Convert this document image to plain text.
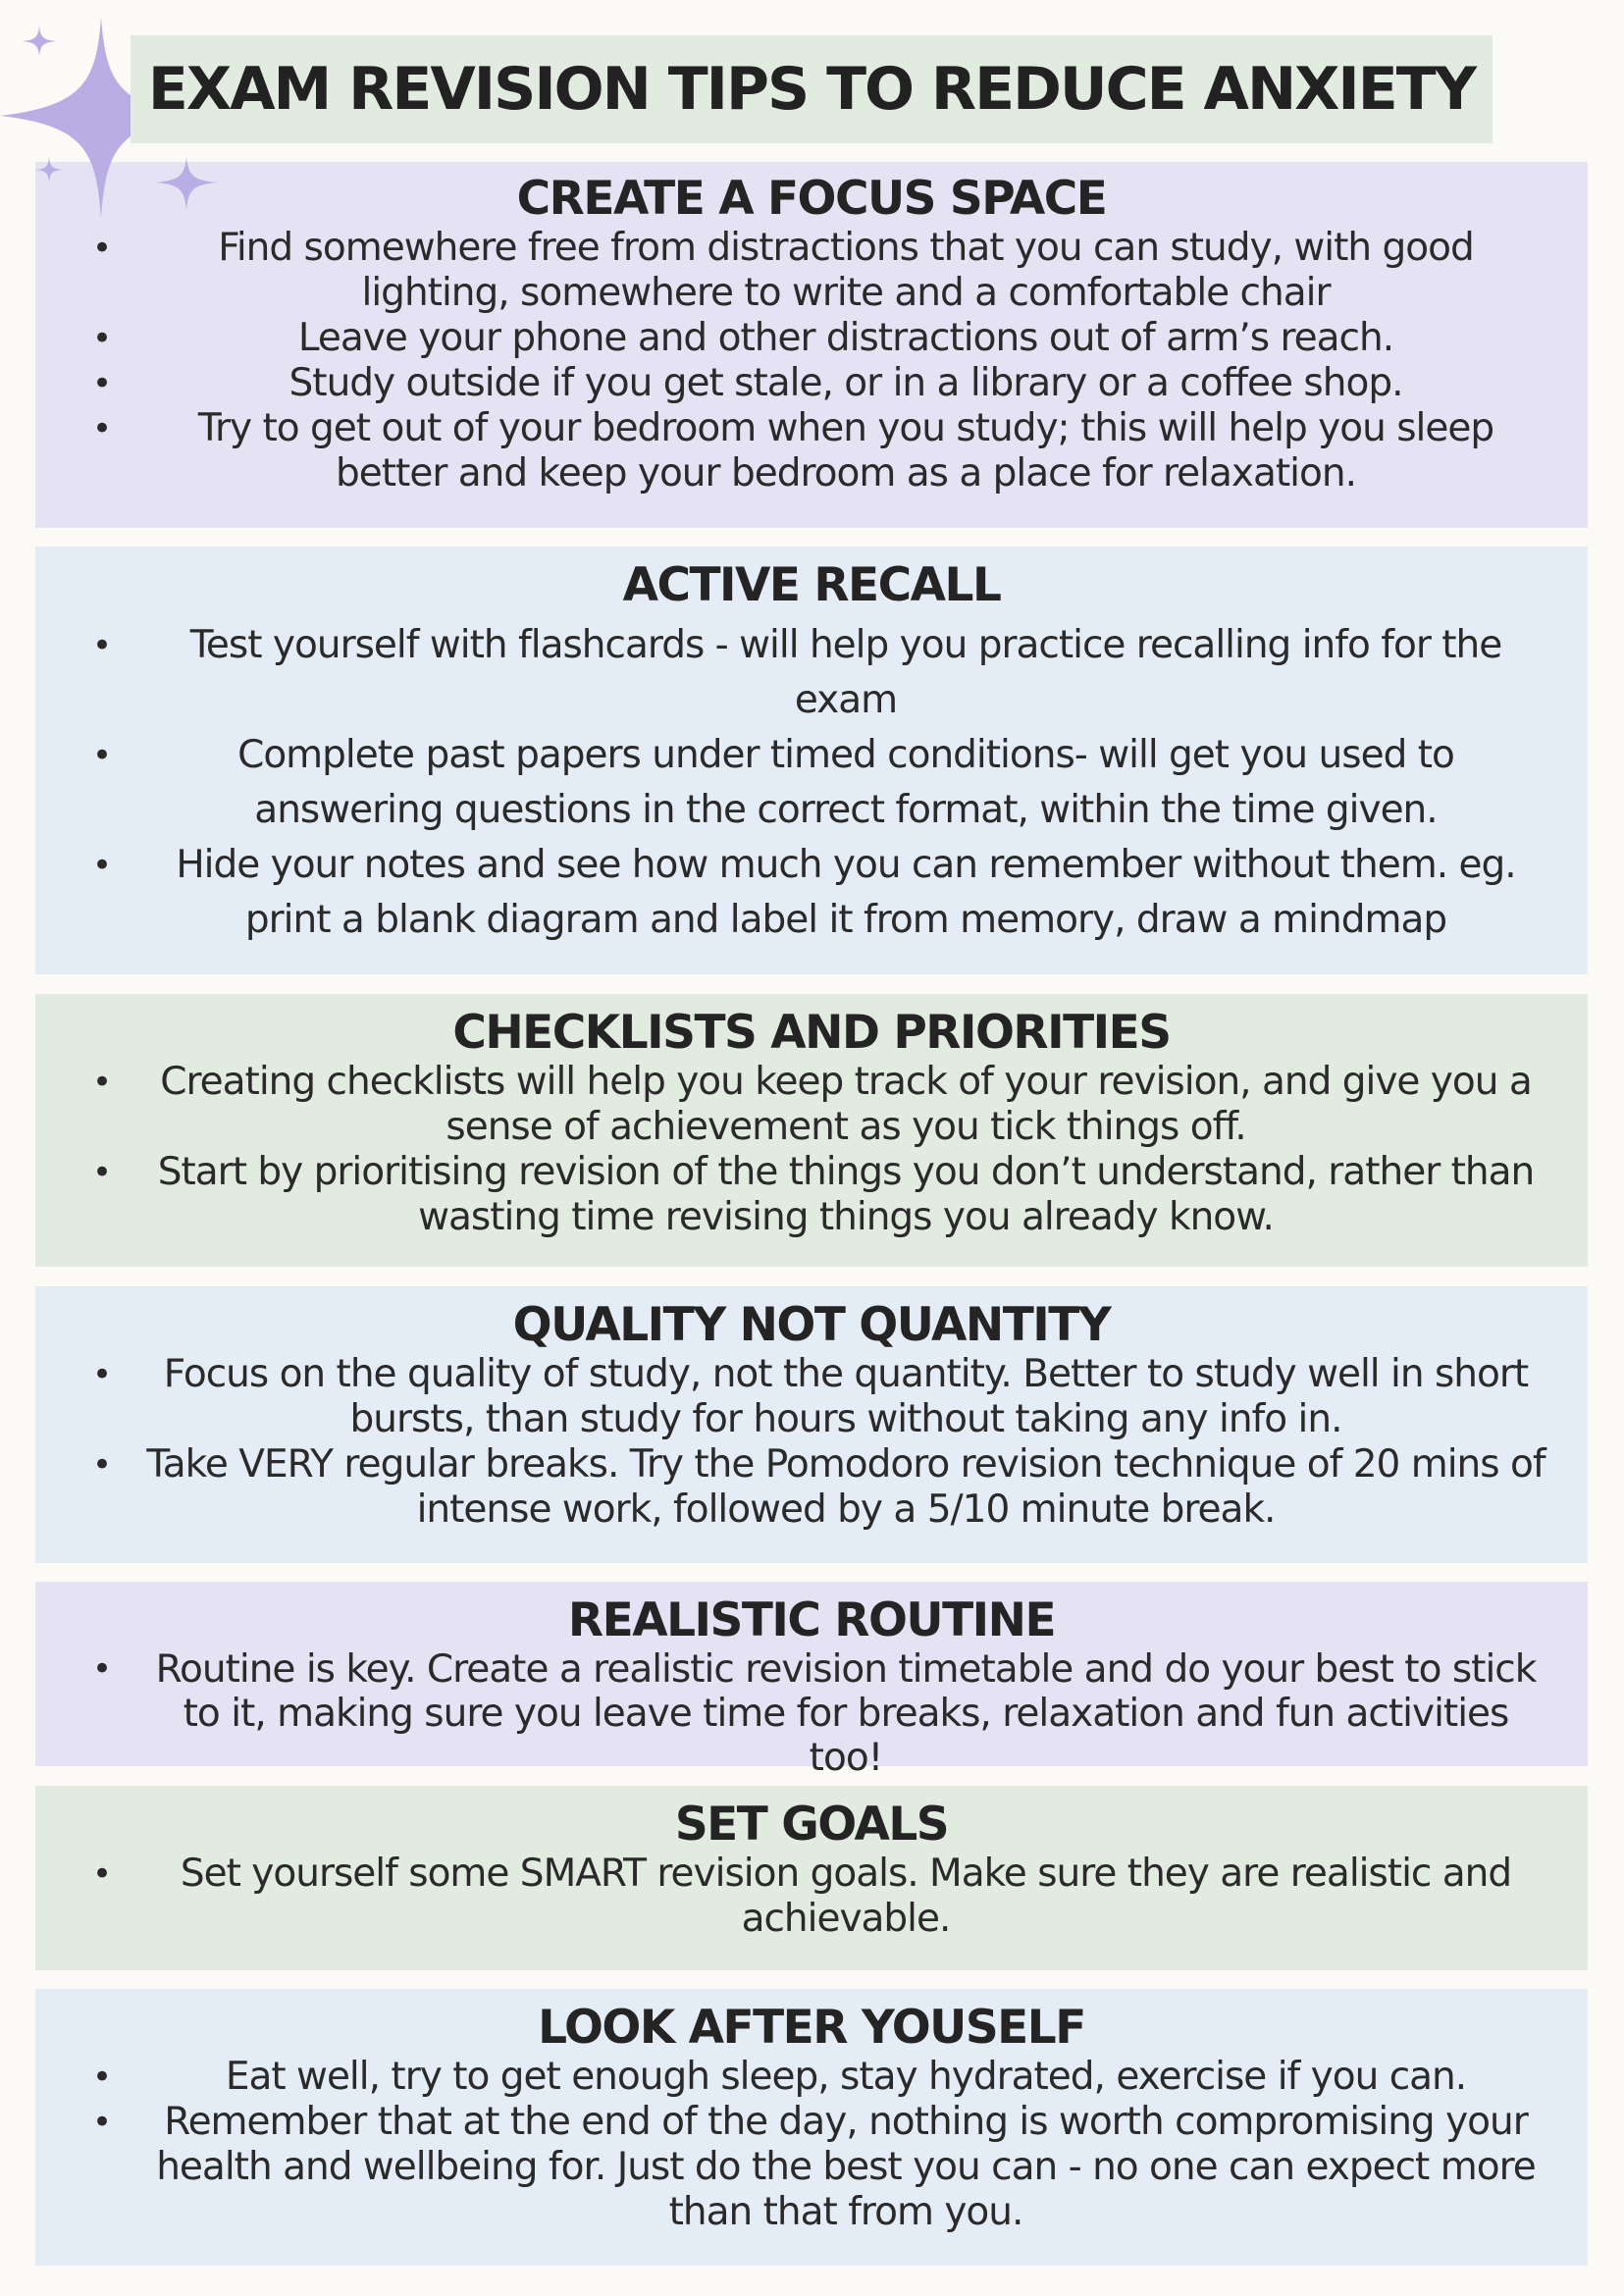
EXAM REVISION TIPS TO REDUCE ANXIETY
CREATE A FOCUS SPACE
•	Find somewhere free from distractions that you can study, with good lighting, somewhere to write and a comfortable chair
•	Leave your phone and other distractions out of arm’s reach.
•	Study outside if you get stale, or in a library or a coffee shop.
• Try to get out of your bedroom when you study; this will help you sleep better and keep your bedroom as a place for relaxation.
ACTIVE RECALL
• Test yourself with flashcards - will help you practice recalling info for the exam
•	Complete past papers under timed conditions- will get you used to answering questions in the correct format, within the time given.
• Hide your notes and see how much you can remember without them. eg. print a blank diagram and label it from memory, draw a mindmap
CHECKLISTS AND PRIORITIES
• Creating checklists will help you keep track of your revision, and give you a sense of achievement as you tick things off.
• Start by prioritising revision of the things you don’t understand, rather than wasting time revising things you already know.
QUALITY NOT QUANTITY
• Focus on the quality of study, not the quantity. Better to study well in short bursts, than study for hours without taking any info in.
• Take VERY regular breaks. Try the Pomodoro revision technique of 20 mins of intense work, followed by a 5/10 minute break.
REALISTIC ROUTINE
• Routine is key. Create a realistic revision timetable and do your best to stick to it, making sure you leave time for breaks, relaxation and fun activities too!
SET GOALS
• Set yourself some SMART revision goals. Make sure they are realistic and achievable.
LOOK AFTER YOUSELF
•	Eat well, try to get enough sleep, stay hydrated, exercise if you can.
• Remember that at the end of the day, nothing is worth compromising your health and wellbeing for. Just do the best you can - no one can expect more than that from you.
